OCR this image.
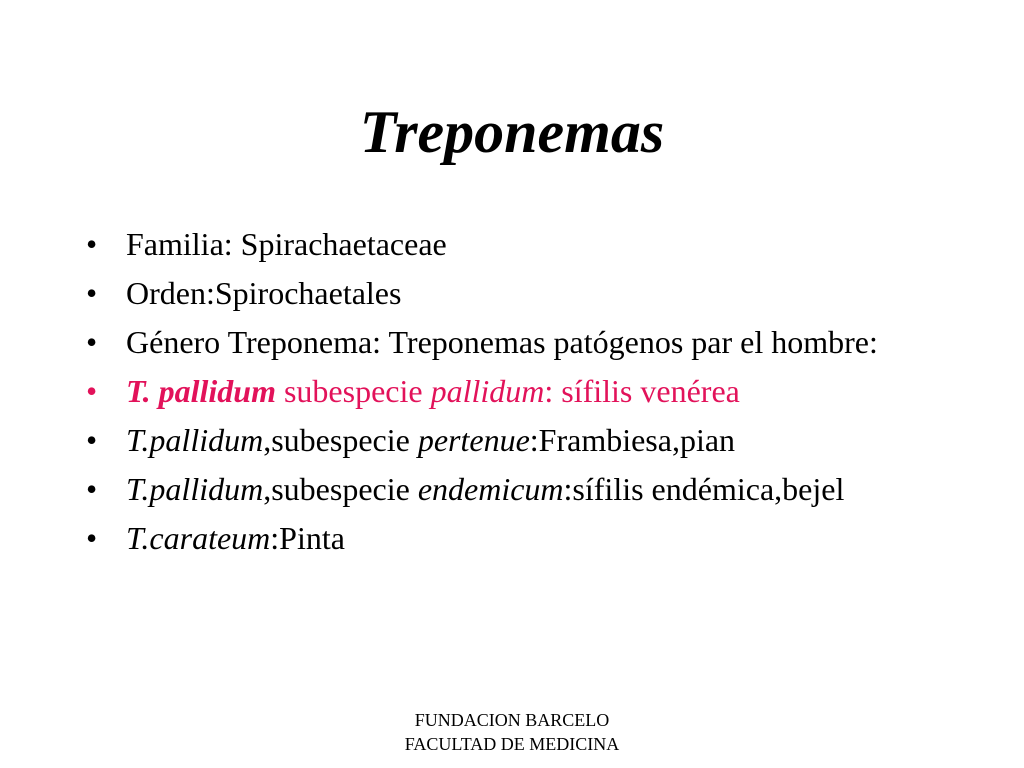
Treponemas
• Familia: Spirachaetaceae
• Orden:Spirochaetales
• Género Treponema: Treponemas patógenos par el hombre:
• T. pallidum subespecie pallidum: sífilis venérea
• T.pallidum,subespecie pertenue:Frambiesa,pian
• T.pallidum,subespecie endemicum:sífilis endémica,bejel
• T.carateum:Pinta
FUNDACION BARCELO
FACULTAD DE MEDICINA
